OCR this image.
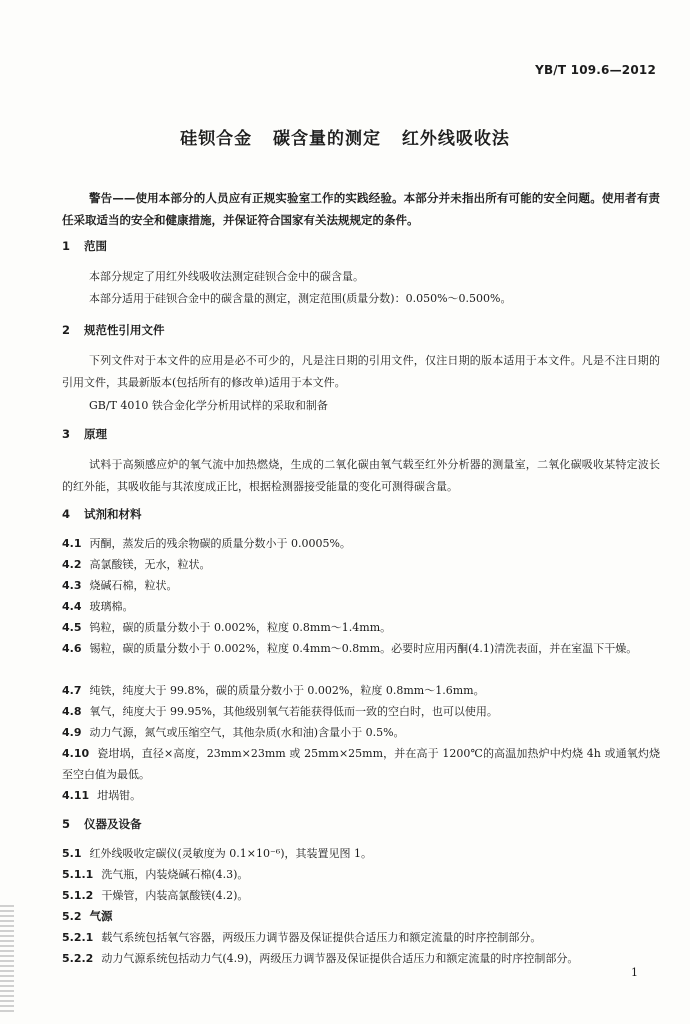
YB/T 109.6—2012
硅钡合金 碳含量的测定 红外线吸收法
警告——使用本部分的人员应有正规实验室工作的实践经验。本部分并未指出所有可能的安全问题。使用者有责任采取适当的安全和健康措施，并保证符合国家有关法规规定的条件。
1 范围
本部分规定了用红外线吸收法测定硅钡合金中的碳含量。
本部分适用于硅钡合金中的碳含量的测定，测定范围(质量分数)：0.050%～0.500%。
2 规范性引用文件
下列文件对于本文件的应用是必不可少的，凡是注日期的引用文件，仅注日期的版本适用于本文件。凡是不注日期的引用文件，其最新版本(包括所有的修改单)适用于本文件。
GB/T 4010 铁合金化学分析用试样的采取和制备
3 原理
试料于高频感应炉的氧气流中加热燃烧，生成的二氧化碳由氧气载至红外分析器的测量室，二氧化碳吸收某特定波长的红外能，其吸收能与其浓度成正比，根据检测器接受能量的变化可测得碳含量。
4 试剂和材料
4.1 丙酮，蒸发后的残余物碳的质量分数小于 0.0005%。
4.2 高氯酸镁，无水，粒状。
4.3 烧碱石棉，粒状。
4.4 玻璃棉。
4.5 钨粒，碳的质量分数小于 0.002%，粒度 0.8mm～1.4mm。
4.6 锡粒，碳的质量分数小于 0.002%，粒度 0.4mm～0.8mm。必要时应用丙酮(4.1)清洗表面，并在室温下干燥。
4.7 纯铁，纯度大于 99.8%，碳的质量分数小于 0.002%，粒度 0.8mm～1.6mm。
4.8 氧气，纯度大于 99.95%，其他级别氧气若能获得低而一致的空白时，也可以使用。
4.9 动力气源，氮气或压缩空气，其他杂质(水和油)含量小于 0.5%。
4.10 瓷坩埚，直径×高度，23mm×23mm 或 25mm×25mm，并在高于 1200℃的高温加热炉中灼烧 4h 或通氧灼烧至空白值为最低。
4.11 坩埚钳。
5 仪器及设备
5.1 红外线吸收定碳仪(灵敏度为 0.1×10⁻⁶)，其装置见图 1。
5.1.1 洗气瓶，内装烧碱石棉(4.3)。
5.1.2 干燥管，内装高氯酸镁(4.2)。
5.2 气源
5.2.1 载气系统包括氧气容器，两级压力调节器及保证提供合适压力和额定流量的时序控制部分。
5.2.2 动力气源系统包括动力气(4.9)，两级压力调节器及保证提供合适压力和额定流量的时序控制部分。
1
